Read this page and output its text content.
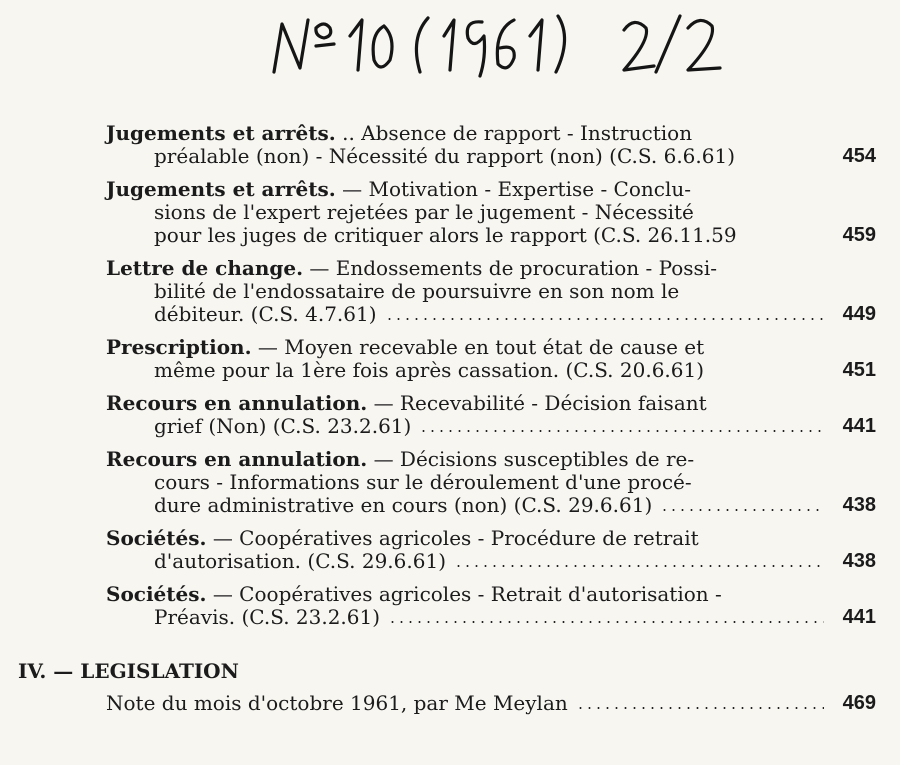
Jugements et arrêts. .. Absence de rapport - Instruction
préalable (non) - Nécessité du rapport (non) (C.S. 6.6.61)	454
Jugements et arrêts. — Motivation - Expertise - Conclu-
sions de l'expert rejetées par le jugement - Nécessité
pour les juges de critiquer alors le rapport (C.S. 26.11.59	459
Lettre de change. — Endossements de procuration - Possi-
bilité de l'endossataire de poursuivre en son nom le
débiteur. (C.S. 4.7.61)	449
Prescription. — Moyen recevable en tout état de cause et
même pour la 1ère fois après cassation. (C.S. 20.6.61)	451
Recours en annulation. — Recevabilité - Décision faisant
grief (Non) (C.S. 23.2.61)	441
Recours en annulation. — Décisions susceptibles de re-
cours - Informations sur le déroulement d'une procé-
dure administrative en cours (non) (C.S. 29.6.61)	438
Sociétés. — Coopératives agricoles - Procédure de retrait
d'autorisation. (C.S. 29.6.61)	438
Sociétés. — Coopératives agricoles - Retrait d'autorisation -
Préavis. (C.S. 23.2.61)	441
IV. — LEGISLATION
Note du mois d'octobre 1961, par Me Meylan	469
